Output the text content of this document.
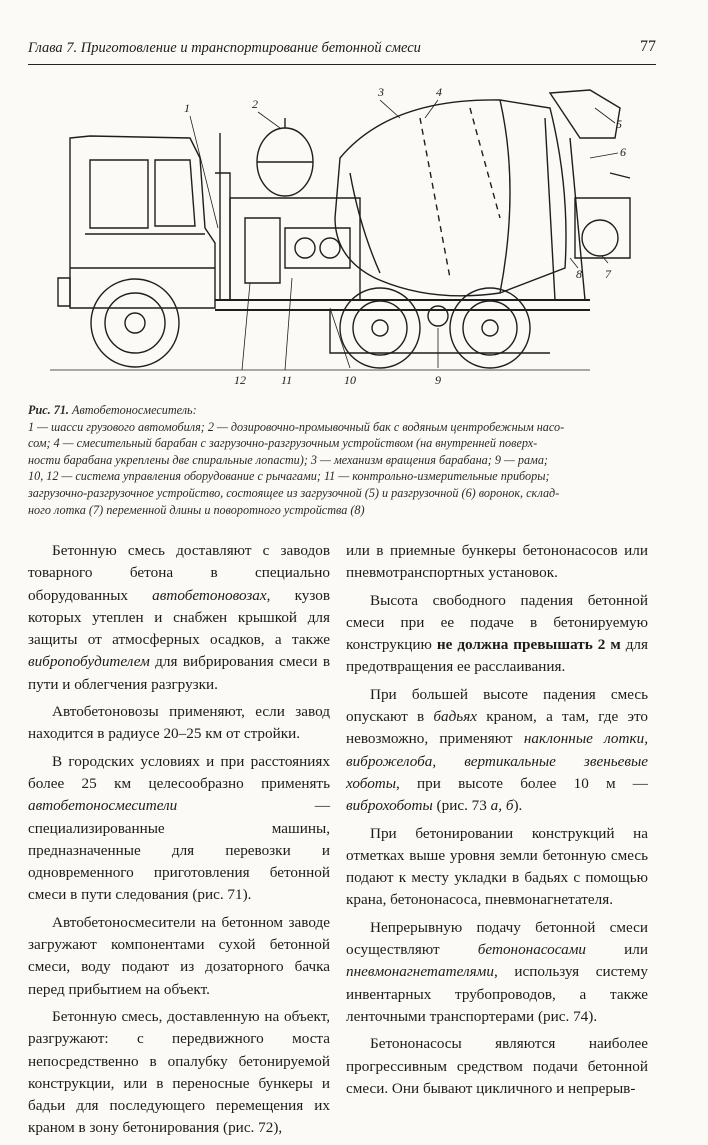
Глава 7. Приготовление и транспортирование бетонной смеси	77
1	2
3	4
5
6
7
8
9
10
11
12
Рис. 71. Автобетоносмеситель:
1 — шасси грузового автомобиля; 2 — дозировочно-промывочный бак с водяным центробежным насо-
сом; 4 — смесительный барабан с загрузочно-разгрузочным устройством (на внутренней поверх-
ности барабана укреплены две спиральные лопасти); 3 — механизм вращения барабана; 9 — рама;
10, 12 — система управления оборудование с рычагами; 11 — контрольно-измерительные приборы;
загрузочно-разгрузочное устройство, состоящее из загрузочной (5) и разгрузочной (6) воронок, склад-
ного лотка (7) переменной длины и поворотного устройства (8)

Бетонную смесь доставляют с заводов товарного бетона в специально оборудованных автобетоновозах, кузов которых утеплен и снабжен крышкой для защиты от атмосферных осадков, а также вибропобудителем для вибрирования смеси в пути и облегчения разгрузки.

Автобетоновозы применяют, если завод находится в радиусе 20–25 км от стройки.

В городских условиях и при расстояниях более 25 км целесообразно применять автобетоносмесители — специализированные машины, предназначенные для перевозки и одновременного приготовления бетонной смеси в пути следования (рис. 71).

Автобетоносмесители на бетонном заводе загружают компонентами сухой бетонной смеси, воду подают из дозаторного бачка перед прибытием на объект.

Бетонную смесь, доставленную на объект, разгружают: с передвижного моста непосредственно в опалубку бетонируемой конструкции, или в переносные бункеры и бадьи для последующего перемещения их краном в зону бетонирования (рис. 72),

или в приемные бункеры бетононасосов или пневмотранспортных установок.

Высота свободного падения бетонной смеси при ее подаче в бетонируемую конструкцию не должна превышать 2 м для предотвращения ее расслаивания.

При большей высоте падения смесь опускают в бадьях краном, а там, где это невозможно, применяют наклонные лотки, виброжелоба, вертикальные звеньевые хоботы, при высоте более 10 м — виброхоботы (рис. 73 а, б).

При бетонировании конструкций на отметках выше уровня земли бетонную смесь подают к месту укладки в бадьях с помощью крана, бетононасоса, пневмонагнетателя.

Непрерывную подачу бетонной смеси осуществляют бетононасосами или пневмонагнетателями, используя систему инвентарных трубопроводов, а также ленточными транспортерами (рис. 74).

Бетононасосы являются наиболее прогрессивным средством подачи бетонной смеси. Они бывают цикличного и непрерыв-
